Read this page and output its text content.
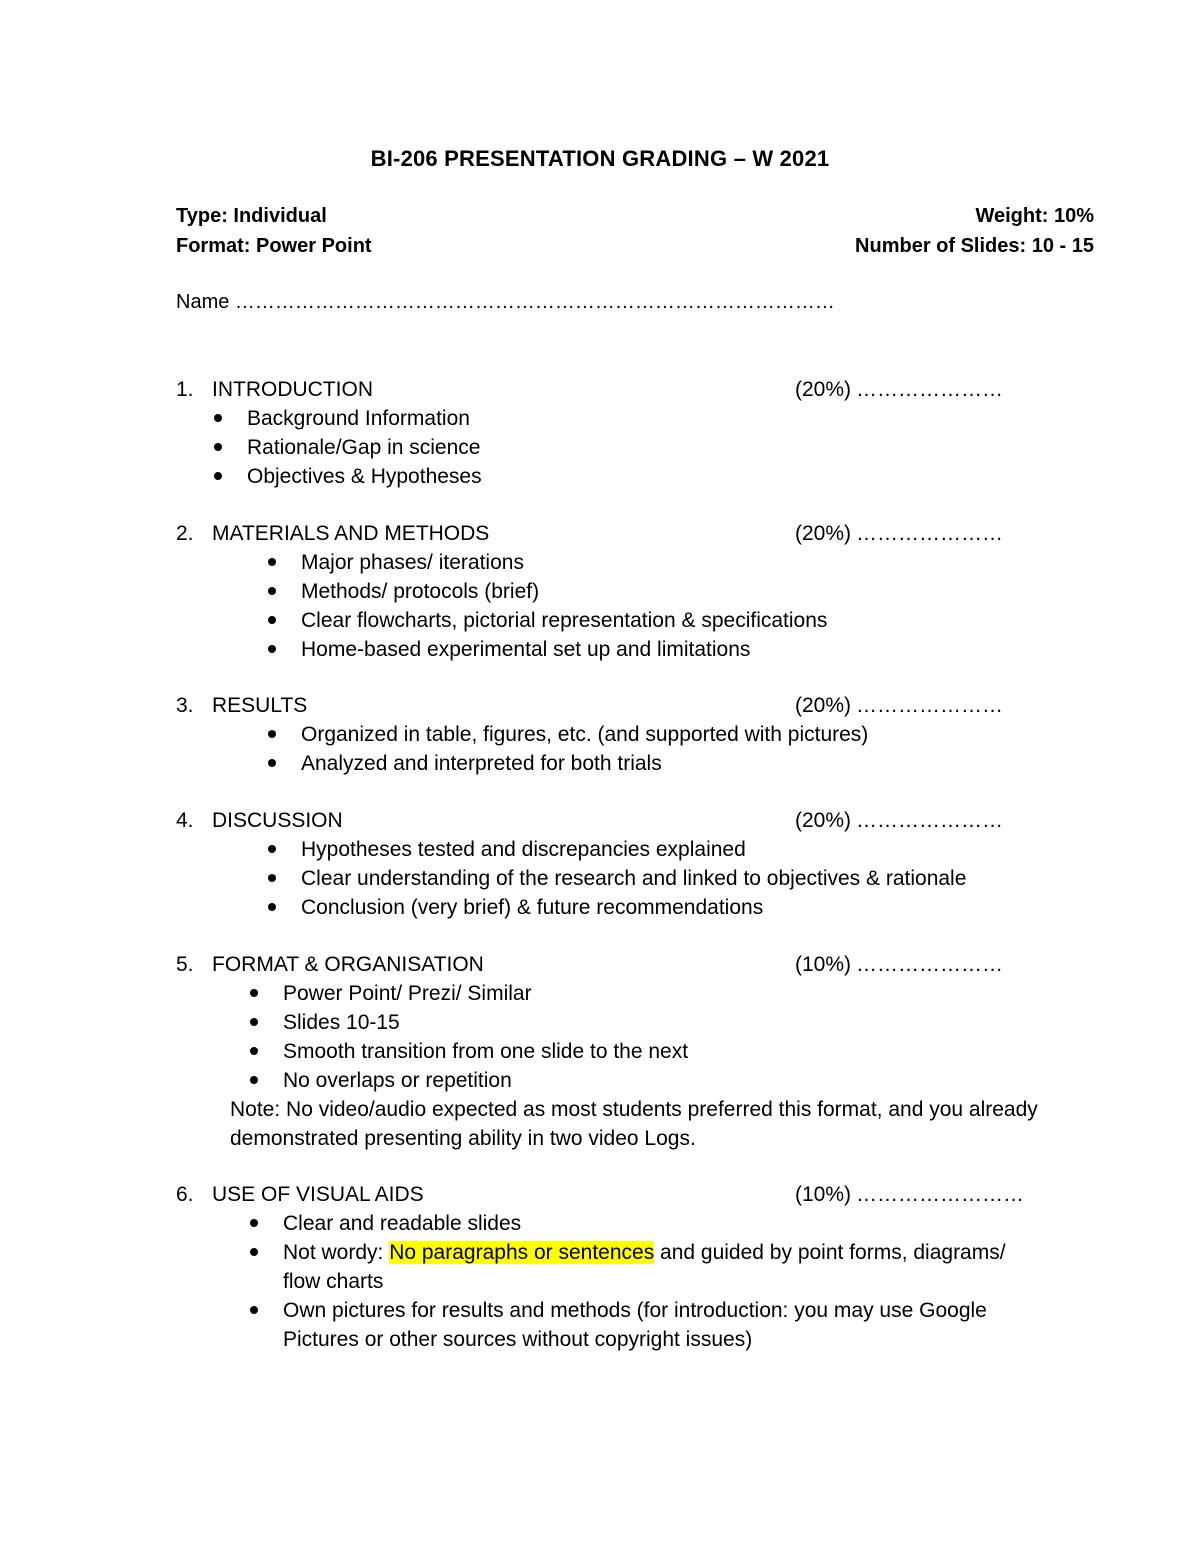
BI-206 PRESENTATION GRADING – W 2021
Type: Individual	Weight: 10%
Format: Power Point	Number of Slides: 10 - 15
Name ………………………………………………………………………………
1. INTRODUCTION	(20%) …………………
Background Information
Rationale/Gap in science
Objectives & Hypotheses
2. MATERIALS AND METHODS	(20%) …………………
Major phases/ iterations
Methods/ protocols (brief)
Clear flowcharts, pictorial representation & specifications
Home-based experimental set up and limitations
3. RESULTS	(20%) …………………
Organized in table, figures, etc. (and supported with pictures)
Analyzed and interpreted for both trials
4. DISCUSSION	(20%) …………………
Hypotheses tested and discrepancies explained
Clear understanding of the research and linked to objectives & rationale
Conclusion (very brief) & future recommendations
5. FORMAT & ORGANISATION	(10%) …………………
Power Point/ Prezi/ Similar
Slides 10-15
Smooth transition from one slide to the next
No overlaps or repetition
Note: No video/audio expected as most students preferred this format, and you already demonstrated presenting ability in two video Logs.
6. USE OF VISUAL AIDS	(10%) ……………………
Clear and readable slides
Not wordy: No paragraphs or sentences and guided by point forms, diagrams/ flow charts
Own pictures for results and methods (for introduction: you may use Google Pictures or other sources without copyright issues)
